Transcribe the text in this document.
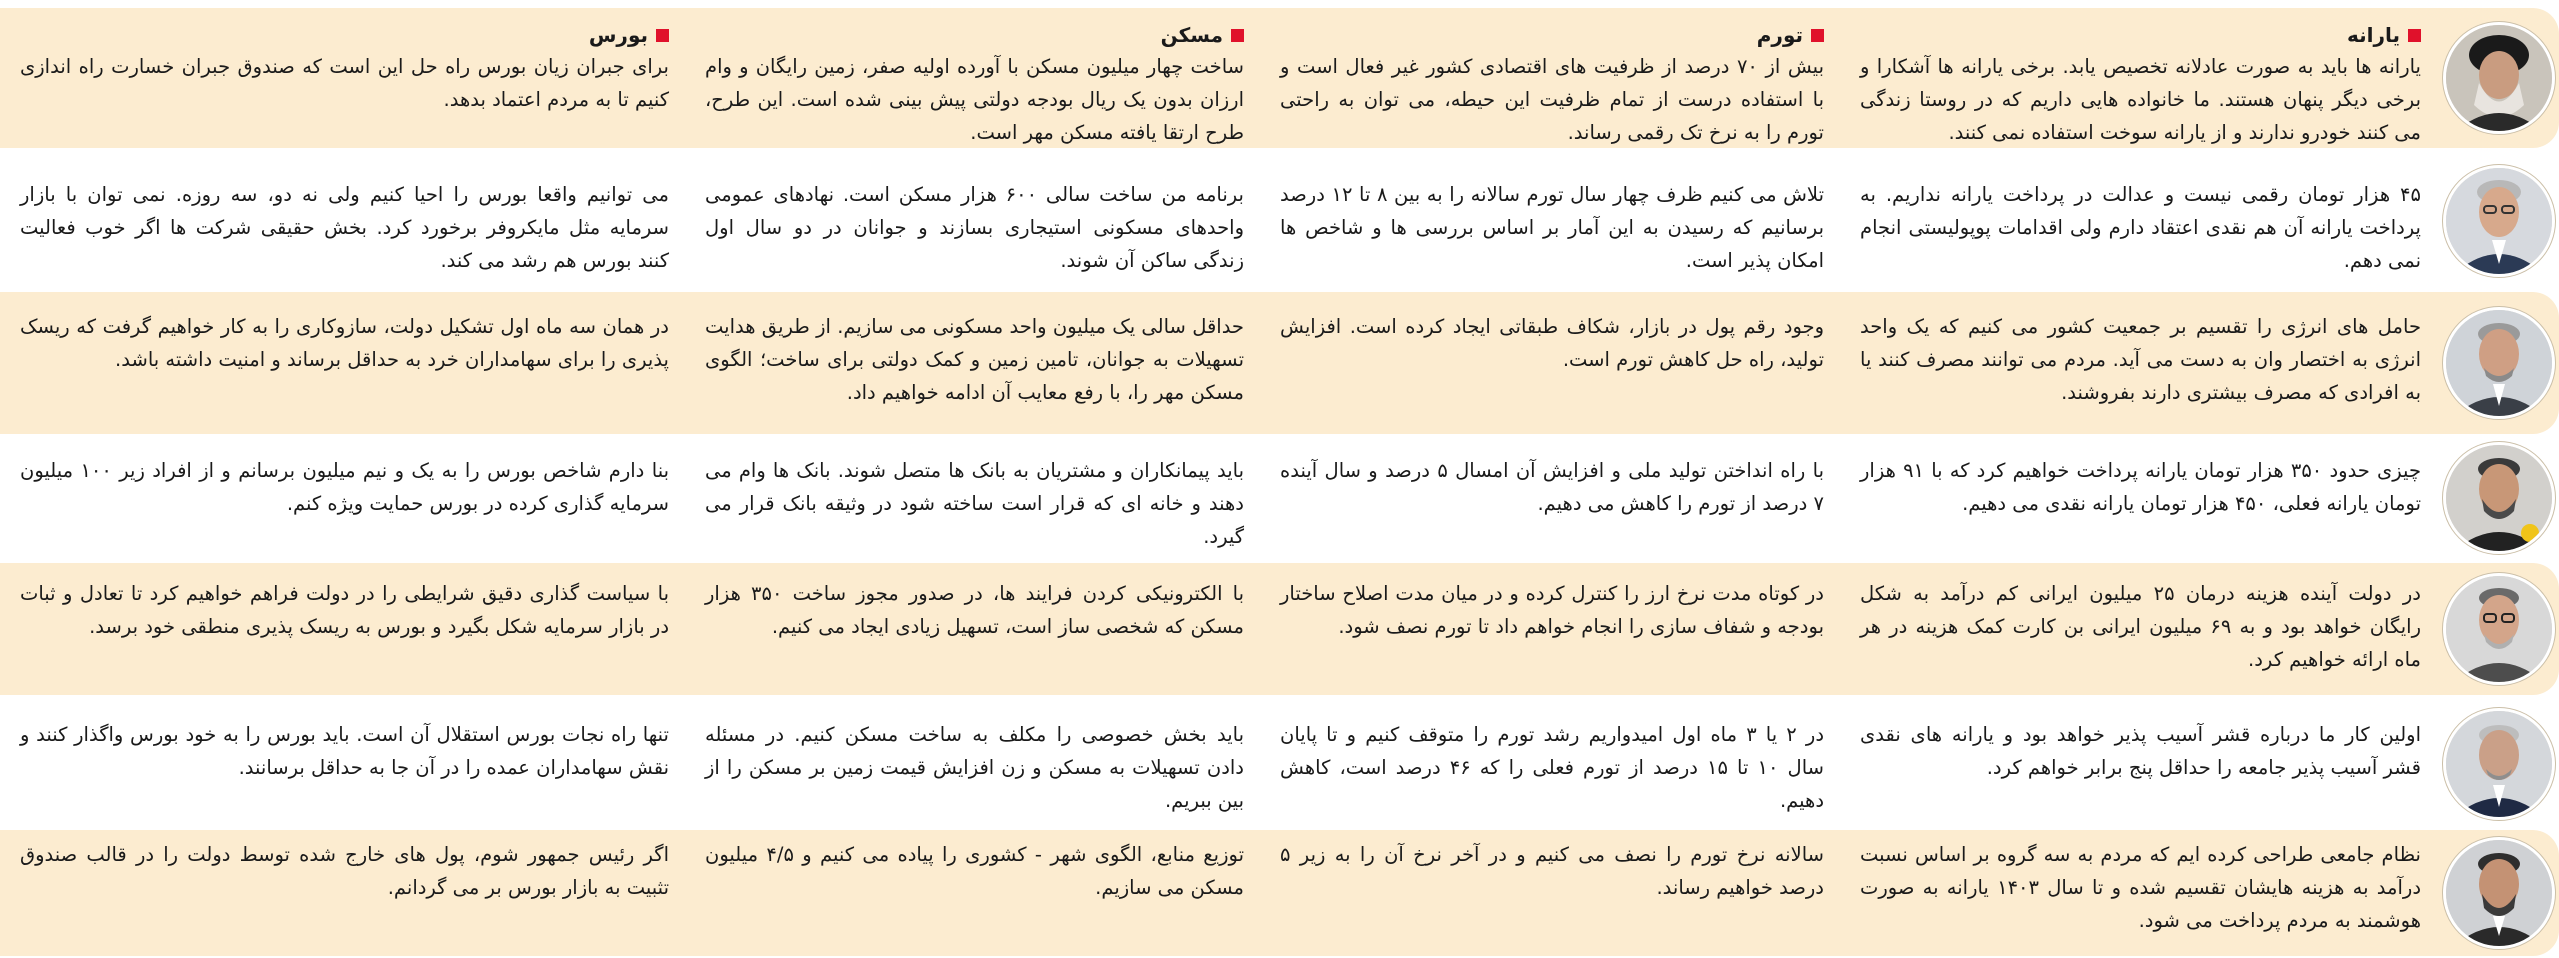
یارانه
یارانه ها باید به صورت عادلانه تخصیص یابد. برخی یارانه ها آشکارا و برخی دیگر پنهان هستند. ما خانواده هایی داریم که در روستا زندگی می کنند خودرو ندارند و از یارانه سوخت استفاده نمی کنند.
تورم
بیش از ۷۰ درصد از ظرفیت های اقتصادی کشور غیر فعال است و با استفاده درست از تمام ظرفیت این حیطه، می توان به راحتی تورم را به نرخ تک رقمی رساند.
مسکن
ساخت چهار میلیون مسکن با آورده اولیه صفر، زمین رایگان و وام ارزان بدون یک ریال بودجه دولتی پیش بینی شده است. این طرح، طرح ارتقا یافته مسکن مهر است.
بورس
برای جبران زیان بورس راه حل این است که صندوق جبران خسارت راه اندازی کنیم تا به مردم اعتماد بدهد.
۴۵ هزار تومان رقمی نیست و عدالت در پرداخت یارانه نداریم. به پرداخت یارانه آن هم نقدی اعتقاد دارم ولی اقدامات پوپولیستی انجام نمی دهم.
تلاش می کنیم ظرف چهار سال تورم سالانه را به بین ۸ تا ۱۲ درصد برسانیم که رسیدن به این آمار بر اساس بررسی ها و شاخص ها امکان پذیر است.
برنامه من ساخت سالی ۶۰۰ هزار مسکن است. نهادهای عمومی واحدهای مسکونی استیجاری بسازند و جوانان در دو سال اول زندگی ساکن آن شوند.
می توانیم واقعا بورس را احیا کنیم ولی نه دو، سه روزه. نمی توان با بازار سرمایه مثل مایکروفر برخورد کرد. بخش حقیقی شرکت ها اگر خوب فعالیت کنند بورس هم رشد می کند.
حامل های انرژی را تقسیم بر جمعیت کشور می کنیم که یک واحد انرژی به اختصار وان به دست می آید. مردم می توانند مصرف کنند یا به افرادی که مصرف بیشتری دارند بفروشند.
وجود رقم پول در بازار، شکاف طبقاتی ایجاد کرده است. افزایش تولید، راه حل کاهش تورم است.
حداقل سالی یک میلیون واحد مسکونی می سازیم. از طریق هدایت تسهیلات به جوانان، تامین زمین و کمک دولتی برای ساخت؛ الگوی مسکن مهر را، با رفع معایب آن ادامه خواهیم داد.
در همان سه ماه اول تشکیل دولت، سازوکاری را به کار خواهیم گرفت که ریسک پذیری را برای سهامداران خرد به حداقل برساند و امنیت داشته باشد.
چیزی حدود ۳۵۰ هزار تومان یارانه پرداخت خواهیم کرد که با ۹۱ هزار تومان یارانه فعلی، ۴۵۰ هزار تومان یارانه نقدی می دهیم.
با راه انداختن تولید ملی و افزایش آن امسال ۵ درصد و سال آینده ۷ درصد از تورم را کاهش می دهیم.
باید پیمانکاران و مشتریان به بانک ها متصل شوند. بانک ها وام می دهند و خانه ای که قرار است ساخته شود در وثیقه بانک قرار می گیرد.
بنا دارم شاخص بورس را به یک و نیم میلیون برسانم و از افراد زیر ۱۰۰ میلیون سرمایه گذاری کرده در بورس حمایت ویژه کنم.
در دولت آینده هزینه درمان ۲۵ میلیون ایرانی کم درآمد به شکل رایگان خواهد بود و به ۶۹ میلیون ایرانی بن کارت کمک هزینه در هر ماه ارائه خواهیم کرد.
در کوتاه مدت نرخ ارز را کنترل کرده و در میان مدت اصلاح ساختار بودجه و شفاف سازی را انجام خواهم داد تا تورم نصف شود.
با الکترونیکی کردن فرایند ها، در صدور مجوز ساخت ۳۵۰ هزار مسکن که شخصی ساز است، تسهیل زیادی ایجاد می کنیم.
با سیاست گذاری دقیق شرایطی را در دولت فراهم خواهیم کرد تا تعادل و ثبات در بازار سرمایه شکل بگیرد و بورس به ریسک پذیری منطقی خود برسد.
اولین کار ما درباره قشر آسیب پذیر خواهد بود و یارانه های نقدی قشر آسیب پذیر جامعه را حداقل پنج برابر خواهم کرد.
در ۲ یا ۳ ماه اول امیدواریم رشد تورم را متوقف کنیم و تا پایان سال ۱۰ تا ۱۵ درصد از تورم فعلی را که ۴۶ درصد است، کاهش دهیم.
باید بخش خصوصی را مکلف به ساخت مسکن کنیم. در مسئله دادن تسهیلات به مسکن و زن افزایش قیمت زمین بر مسکن را از بین ببریم.
تنها راه نجات بورس استقلال آن است. باید بورس را به خود بورس واگذار کنند و نقش سهامداران عمده را در آن جا به حداقل برسانند.
نظام جامعی طراحی کرده ایم که مردم به سه گروه بر اساس نسبت درآمد به هزینه هایشان تقسیم شده و تا سال ۱۴۰۳ یارانه به صورت هوشمند به مردم پرداخت می شود.
سالانه نرخ تورم را نصف می کنیم و در آخر نرخ آن را به زیر ۵ درصد خواهیم رساند.
توزیع منابع، الگوی شهر - کشوری را پیاده می کنیم و ۴/۵ میلیون مسکن می سازیم.
اگر رئیس جمهور شوم، پول های خارج شده توسط دولت را در قالب صندوق تثبیت به بازار بورس بر می گردانم.
